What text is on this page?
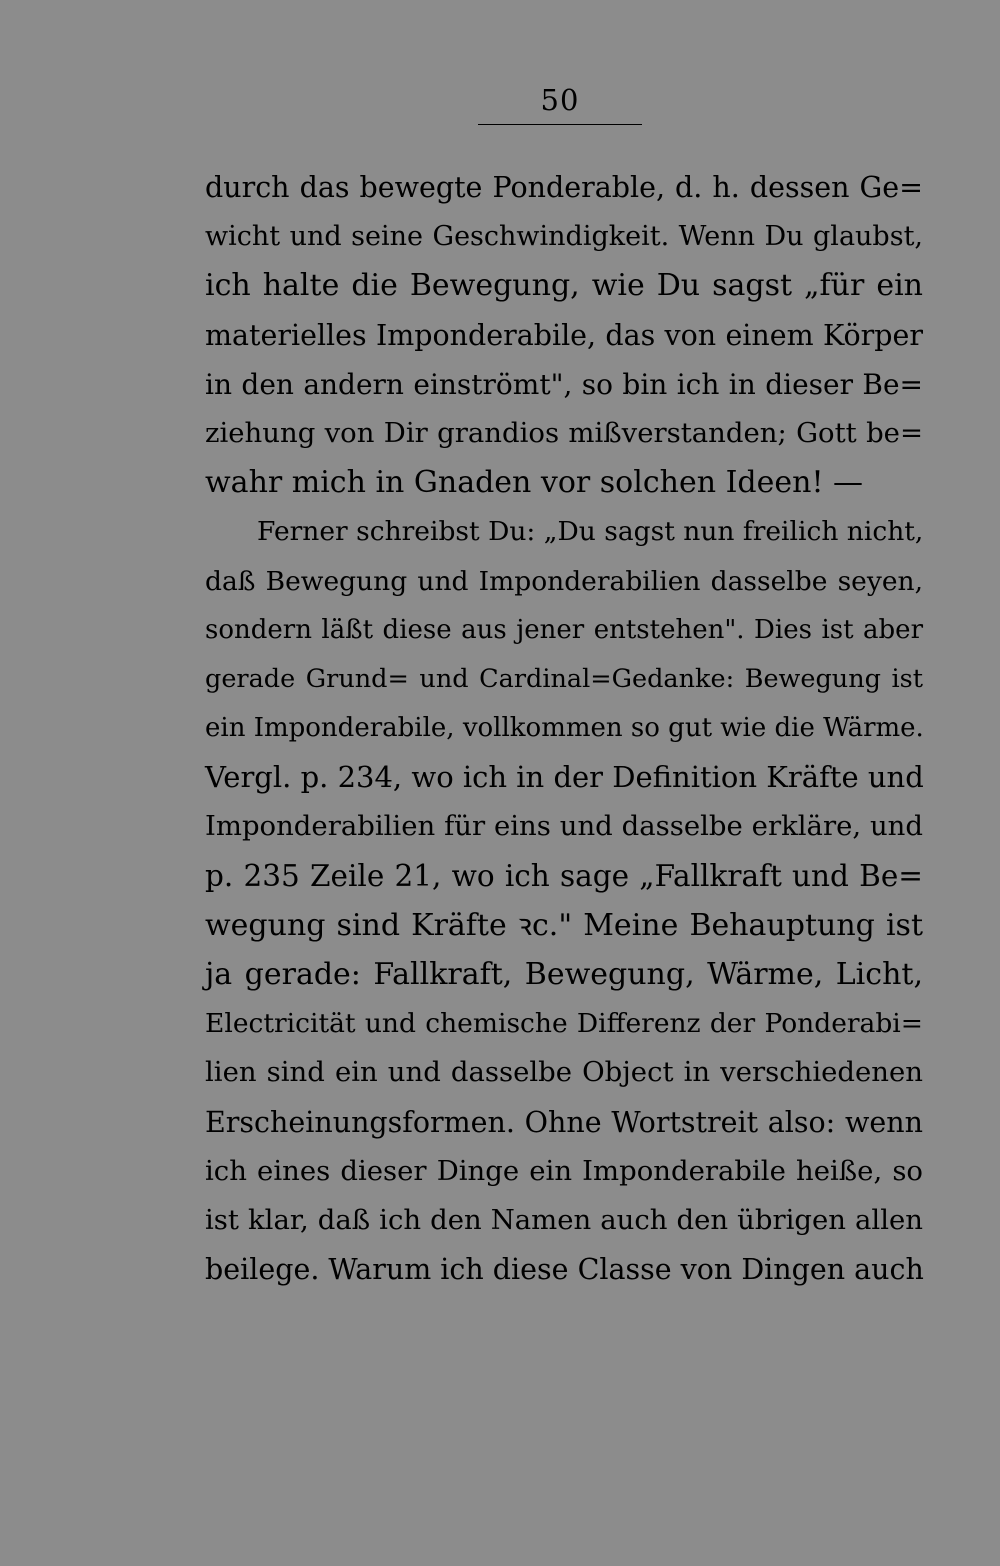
50
durch das bewegte Ponderable, d. h. dessen Ge=
wicht und seine Geschwindigkeit. Wenn Du glaubst,
ich halte die Bewegung, wie Du sagst „für ein
materielles Imponderabile, das von einem Körper
in den andern einströmt", so bin ich in dieser Be=
ziehung von Dir grandios mißverstanden; Gott be=
wahr mich in Gnaden vor solchen Ideen! —
Ferner schreibst Du: „Du sagst nun freilich nicht,
daß Bewegung und Imponderabilien dasselbe seyen,
sondern läßt diese aus jener entstehen". Dies ist aber
gerade Grund= und Cardinal=Gedanke: Bewegung ist
ein Imponderabile, vollkommen so gut wie die Wärme.
Vergl. p. 234, wo ich in der Definition Kräfte und
Imponderabilien für eins und dasselbe erkläre, und
p. 235 Zeile 21, wo ich sage „Fallkraft und Be=
wegung sind Kräfte ꝛc." Meine Behauptung ist
ja gerade: Fallkraft, Bewegung, Wärme, Licht,
Electricität und chemische Differenz der Ponderabi=
lien sind ein und dasselbe Object in verschiedenen
Erscheinungsformen. Ohne Wortstreit also: wenn
ich eines dieser Dinge ein Imponderabile heiße, so
ist klar, daß ich den Namen auch den übrigen allen
beilege. Warum ich diese Classe von Dingen auch
